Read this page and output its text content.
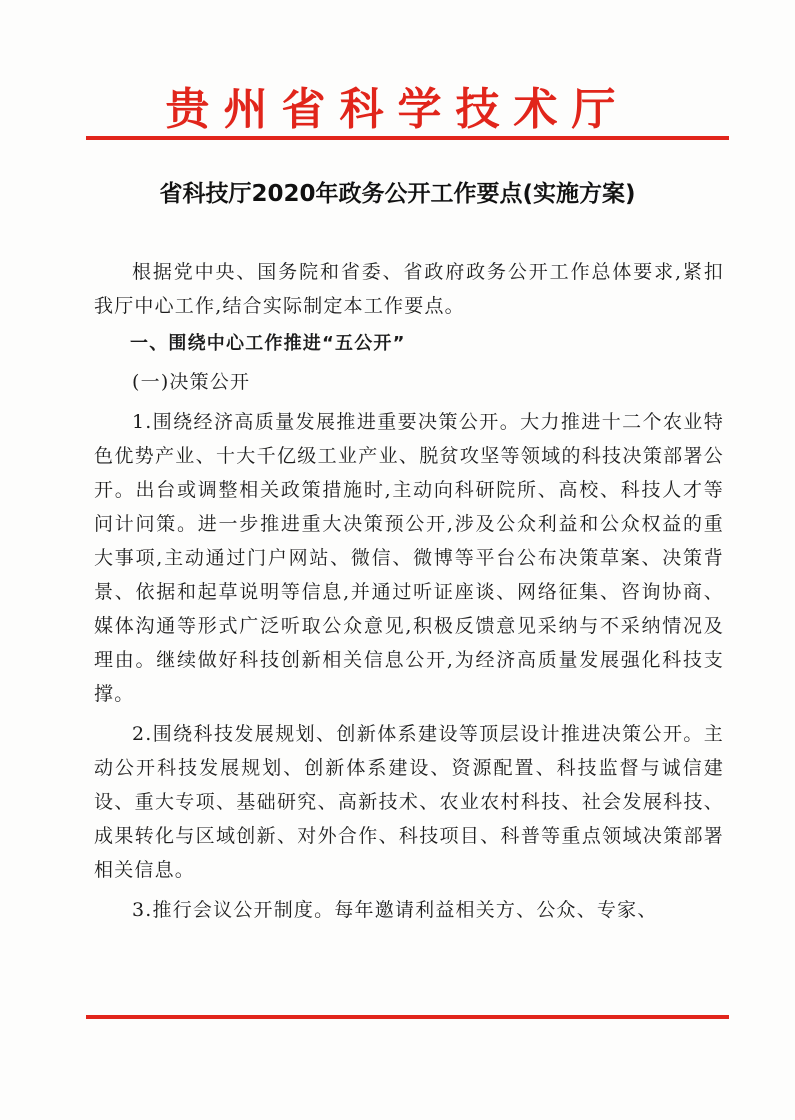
贵州省科学技术厅
省科技厅2020年政务公开工作要点(实施方案)

根据党中央、国务院和省委、省政府政务公开工作总体要求,紧扣我厅中心工作,结合实际制定本工作要点。

一、围绕中心工作推进“五公开”

(一)决策公开

1.围绕经济高质量发展推进重要决策公开。大力推进十二个农业特色优势产业、十大千亿级工业产业、脱贫攻坚等领域的科技决策部署公开。出台或调整相关政策措施时,主动向科研院所、高校、科技人才等问计问策。进一步推进重大决策预公开,涉及公众利益和公众权益的重大事项,主动通过门户网站、微信、微博等平台公布决策草案、决策背景、依据和起草说明等信息,并通过听证座谈、网络征集、咨询协商、媒体沟通等形式广泛听取公众意见,积极反馈意见采纳与不采纳情况及理由。继续做好科技创新相关信息公开,为经济高质量发展强化科技支撑。

2.围绕科技发展规划、创新体系建设等顶层设计推进决策公开。主动公开科技发展规划、创新体系建设、资源配置、科技监督与诚信建设、重大专项、基础研究、高新技术、农业农村科技、社会发展科技、成果转化与区域创新、对外合作、科技项目、科普等重点领域决策部署相关信息。

3.推行会议公开制度。每年邀请利益相关方、公众、专家、
